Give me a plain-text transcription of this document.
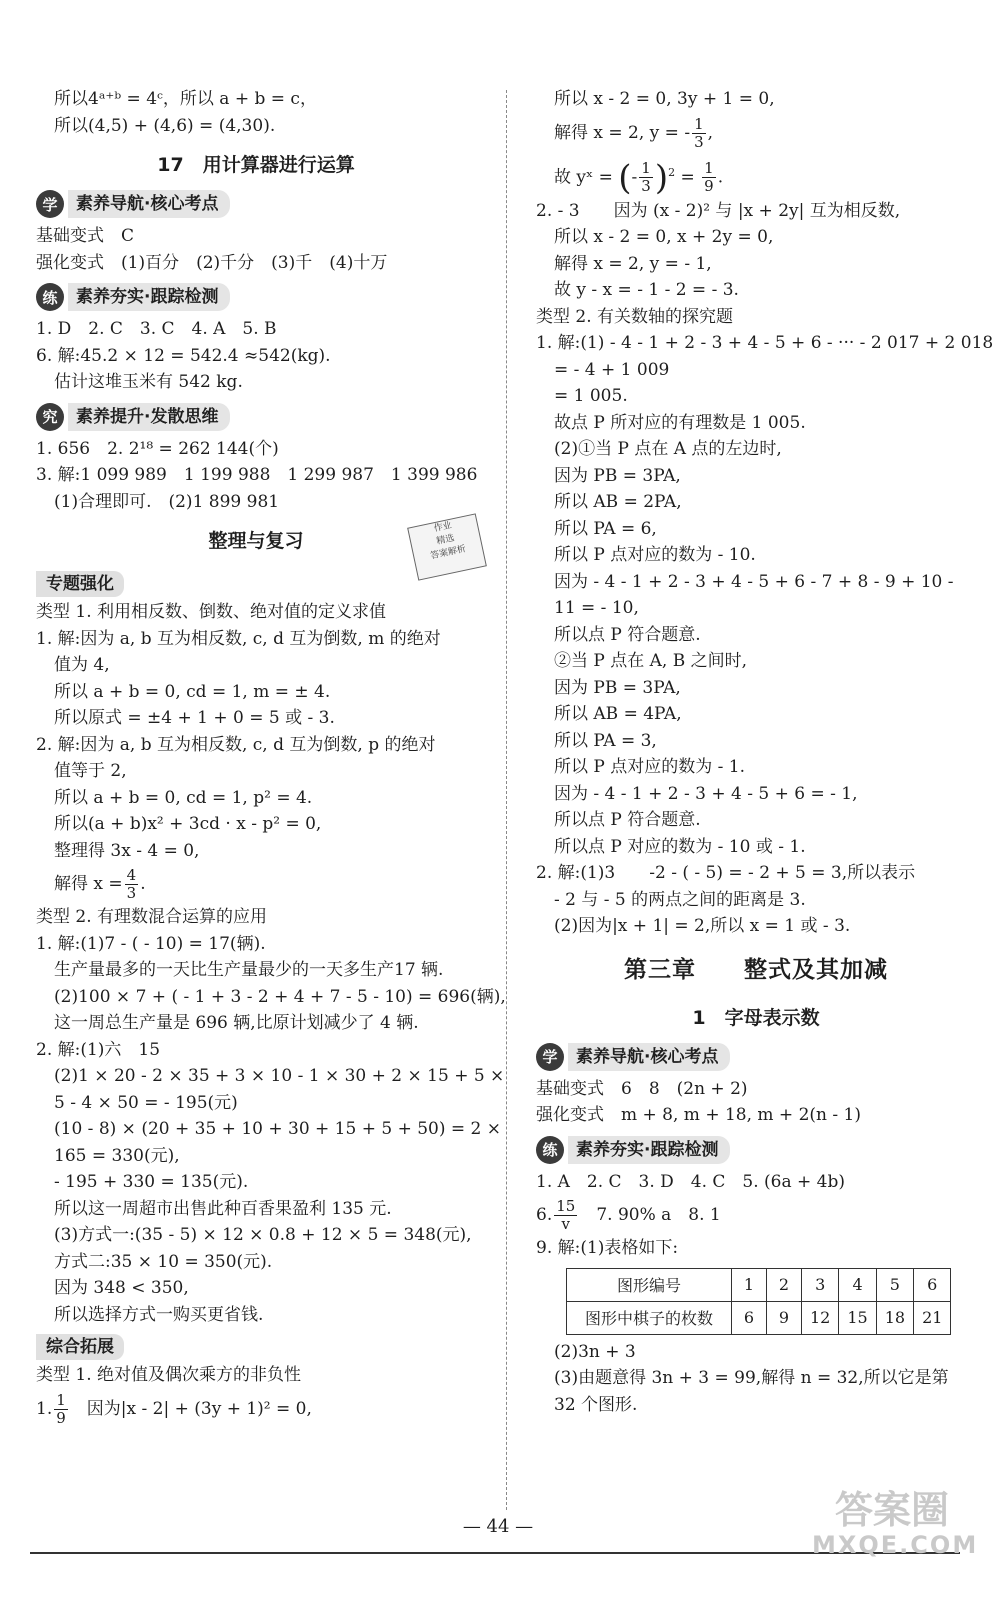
所以4ᵃ⁺ᵇ = 4ᶜ，所以 a + b = c，
所以(4,5) + (4,6) = (4,30).
17　用计算器进行运算
学	素养导航·核心考点
基础变式　C
强化变式　(1)百分　(2)千分　(3)千　(4)十万
练	素养夯实·跟踪检测
1. D　2. C　3. C　4. A　5. B
6. 解:45.2 × 12 = 542.4 ≈542(kg).
估计这堆玉米有 542 kg.
究	素养提升·发散思维
1. 656　2. 2¹⁸ = 262 144(个)
3. 解:1 099 989　1 199 988　1 299 987　1 399 986
(1)合理即可.　(2)1 899 981
整理与复习
专题强化
类型 1. 利用相反数、倒数、绝对值的定义求值
1. 解:因为 a, b 互为相反数, c, d 互为倒数, m 的绝对
值为 4,
所以 a + b = 0, cd = 1, m = ± 4.
所以原式 = ±4 + 1 + 0 = 5 或 - 3.
2. 解:因为 a, b 互为相反数, c, d 互为倒数, p 的绝对
值等于 2,
所以 a + b = 0, cd = 1, p² = 4.
所以(a + b)x² + 3cd · x - p² = 0,
整理得 3x - 4 = 0,
解得 $x = \frac{4}{3}$ .
类型 2. 有理数混合运算的应用
1. 解:(1)7 - ( - 10) = 17(辆).
生产量最多的一天比生产量最少的一天多生产17 辆.
(2)100 × 7 + ( - 1 + 3 - 2 + 4 + 7 - 5 - 10) = 696(辆),
这一周总生产量是 696 辆,比原计划减少了 4 辆.
2. 解:(1)六　15
(2)1 × 20 - 2 × 35 + 3 × 10 - 1 × 30 + 2 × 15 + 5 ×
5 - 4 × 50 = - 195(元)
(10 - 8) × (20 + 35 + 10 + 30 + 15 + 5 + 50) = 2 ×
165 = 330(元),
- 195 + 330 = 135(元).
所以这一周超市出售此种百香果盈利 135 元.
(3)方式一:(35 - 5) × 12 × 0.8 + 12 × 5 = 348(元),
方式二:35 × 10 = 350(元).
因为 348 < 350,
所以选择方式一购买更省钱.
综合拓展
类型 1. 绝对值及偶次乘方的非负性
1. $\frac{1}{9}$ 　因为|x - 2| + (3y + 1)² = 0,
作业
精选
答案解析
所以 x - 2 = 0, 3y + 1 = 0,
解得 x = 2, y = - $\frac{1}{3}$ ,
故 yˣ = (- $\frac{1}{3} )^2 = \frac{1}{9}$ .
2. - 3　　因为 (x - 2)² 与 |x + 2y| 互为相反数,
所以 x - 2 = 0, x + 2y = 0,
解得 x = 2, y = - 1,
故 y - x = - 1 - 2 = - 3.
类型 2. 有关数轴的探究题
1. 解:(1) - 4 - 1 + 2 - 3 + 4 - 5 + 6 - ··· - 2 017 + 2 018
= - 4 + 1 009
= 1 005.
故点 P 所对应的有理数是 1 005.
(2)①当 P 点在 A 点的左边时,
因为 PB = 3PA,
所以 AB = 2PA,
所以 PA = 6,
所以 P 点对应的数为 - 10.
因为 - 4 - 1 + 2 - 3 + 4 - 5 + 6 - 7 + 8 - 9 + 10 -
11 = - 10,
所以点 P 符合题意.
②当 P 点在 A, B 之间时,
因为 PB = 3PA,
所以 AB = 4PA,
所以 PA = 3,
所以 P 点对应的数为 - 1.
因为 - 4 - 1 + 2 - 3 + 4 - 5 + 6 = - 1,
所以点 P 符合题意.
所以点 P 对应的数为 - 10 或 - 1.
2. 解:(1)3　　-2 - ( - 5) = - 2 + 5 = 3,所以表示
- 2 与 - 5 的两点之间的距离是 3.
(2)因为|x + 1| = 2,所以 x = 1 或 - 3.
第三章　　整式及其加减
1　字母表示数
学	素养导航·核心考点
基础变式　6　8　(2n + 2)
强化变式　m + 8, m + 18, m + 2(n - 1)
练	素养夯实·跟踪检测
1. A　2. C　3. D　4. C　5. (6a + 4b)
6. $\frac{15}{v}$ 　7. 90% a　8. 1
9. 解:(1)表格如下:
图形编号	1	2	3	4	5	6
图形中棋子的枚数	6	9	12	15	18	21
(2)3n + 3
(3)由题意得 3n + 3 = 99,解得 n = 32,所以它是第
32 个图形.
— 44 —	答案圈
MXQE.COM
